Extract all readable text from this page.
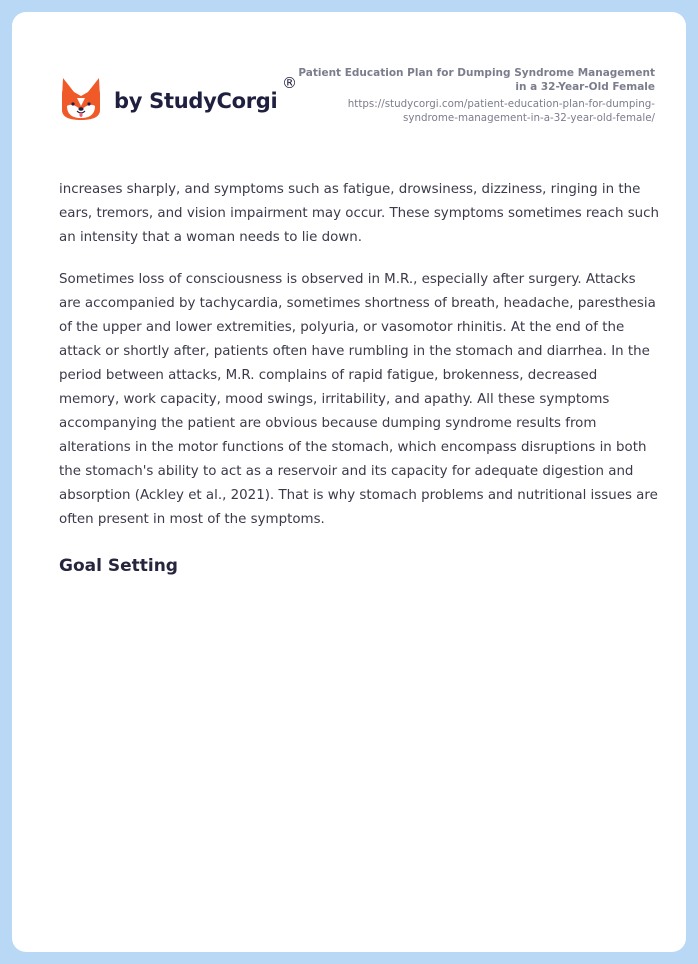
by StudyCorgi
®
Patient Education Plan for Dumping Syndrome Management in a 32-Year-Old Female
https://studycorgi.com/patient-education-plan-for-dumping-syndrome-management-in-a-32-year-old-female/

increases sharply, and symptoms such as fatigue, drowsiness, dizziness, ringing in the ears, tremors, and vision impairment may occur. These symptoms sometimes reach such an intensity that a woman needs to lie down.

Sometimes loss of consciousness is observed in M.R., especially after surgery. Attacks are accompanied by tachycardia, sometimes shortness of breath, headache, paresthesia of the upper and lower extremities, polyuria, or vasomotor rhinitis. At the end of the attack or shortly after, patients often have rumbling in the stomach and diarrhea. In the period between attacks, M.R. complains of rapid fatigue, brokenness, decreased memory, work capacity, mood swings, irritability, and apathy. All these symptoms accompanying the patient are obvious because dumping syndrome results from alterations in the motor functions of the stomach, which encompass disruptions in both the stomach's ability to act as a reservoir and its capacity for adequate digestion and absorption (Ackley et al., 2021). That is why stomach problems and nutritional issues are often present in most of the symptoms.

Goal Setting
